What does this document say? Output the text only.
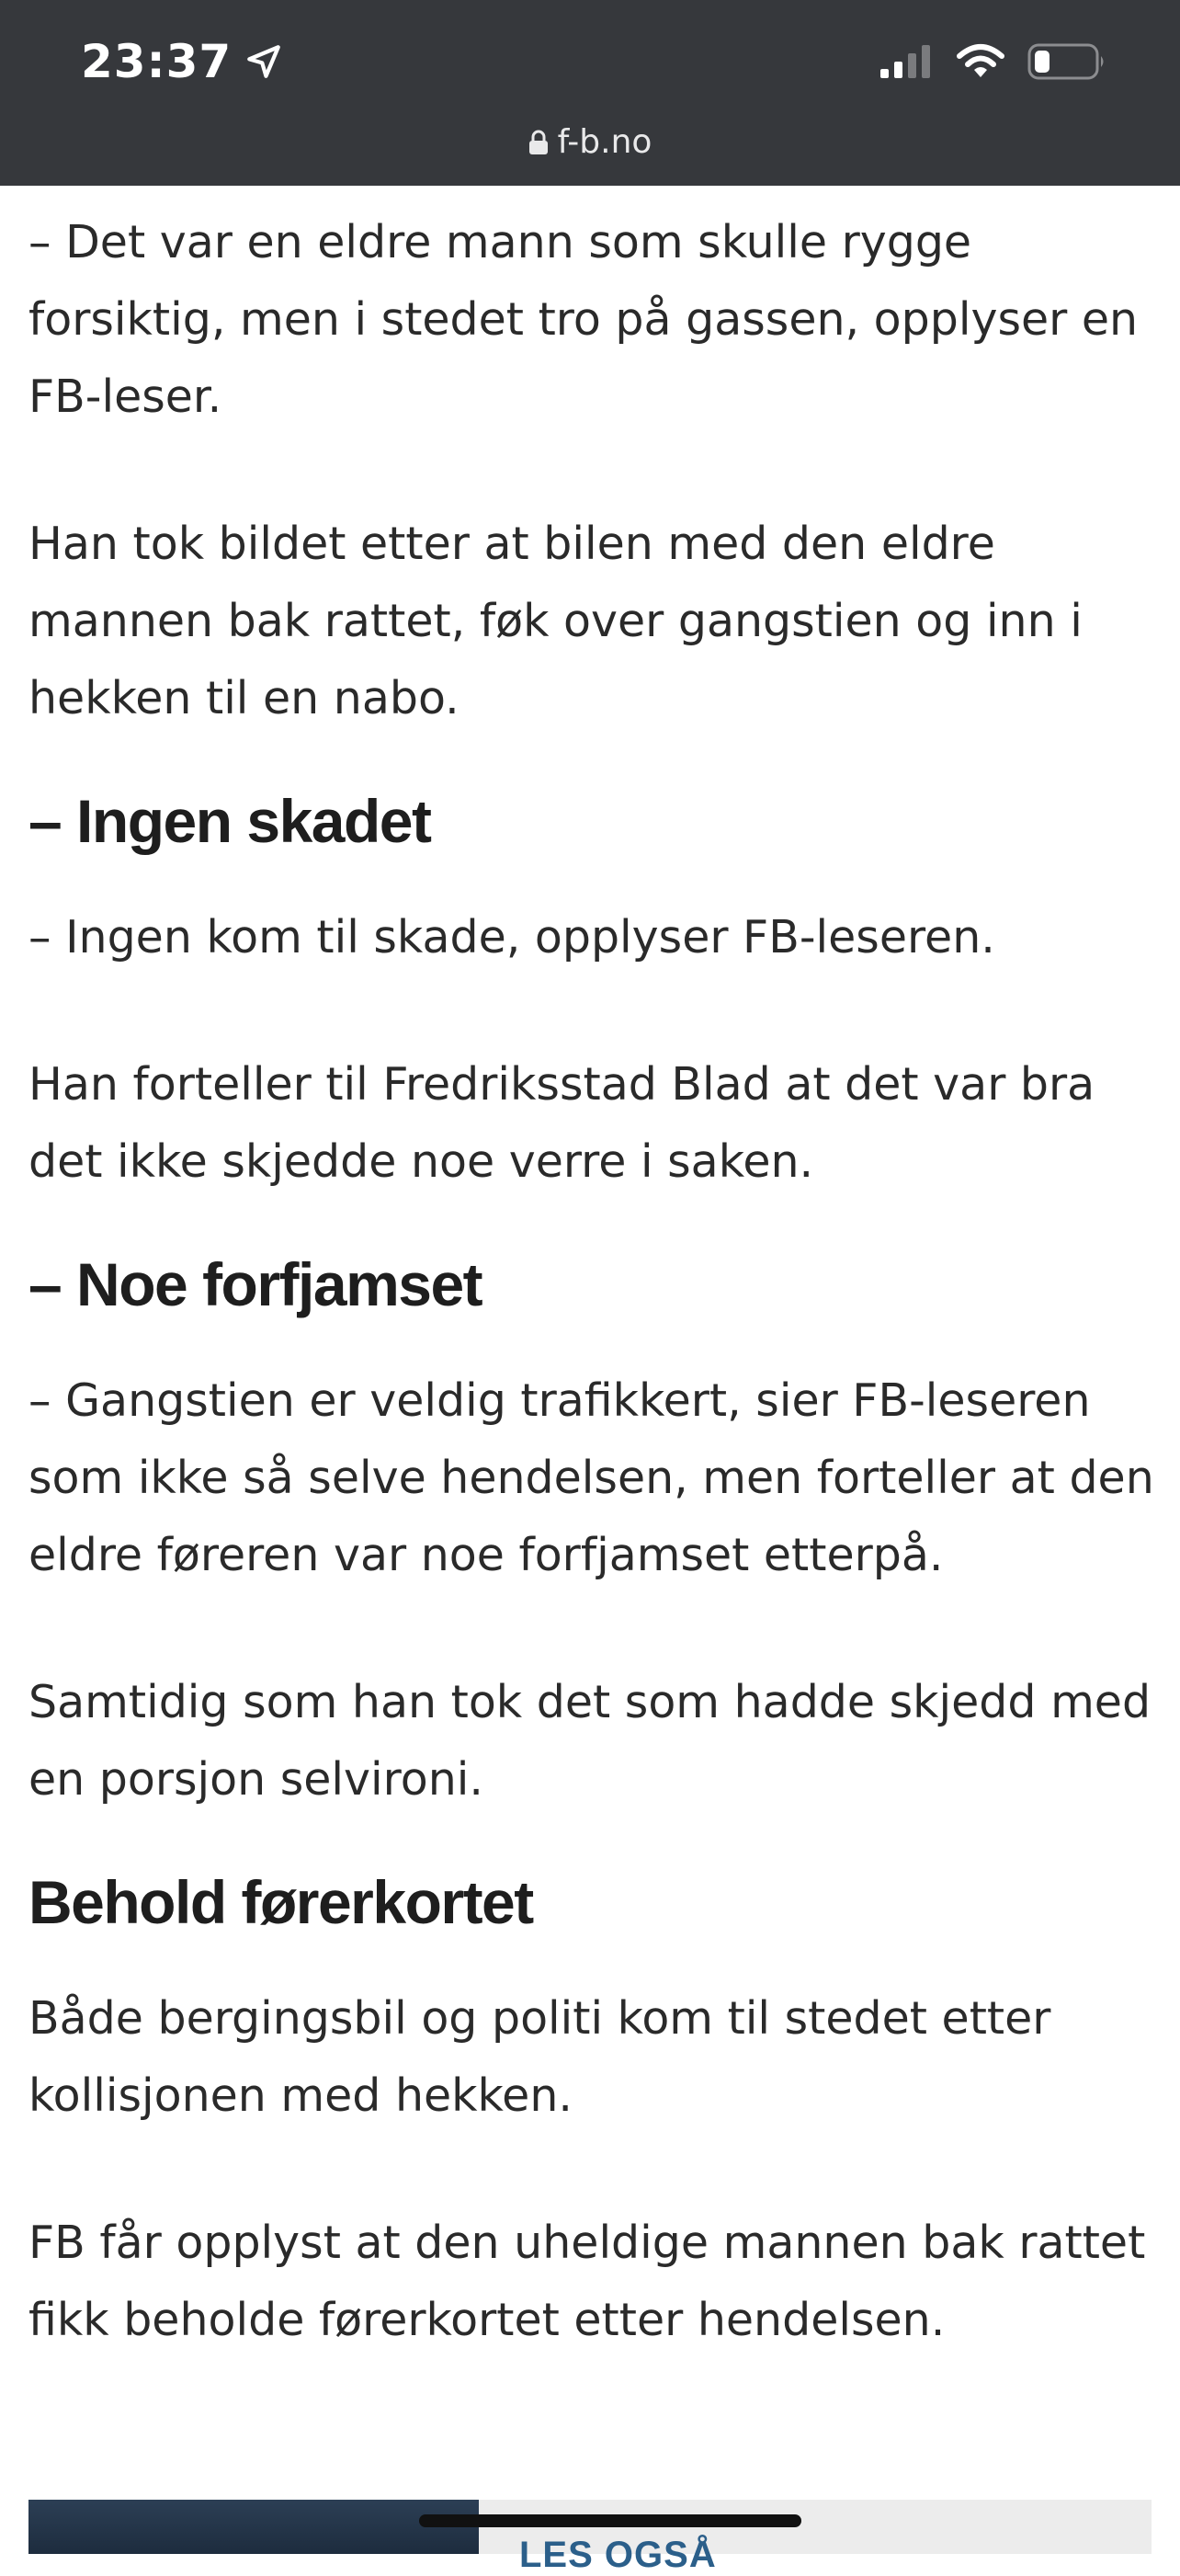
23:37
f-b.no

– Det var en eldre mann som skulle rygge forsiktig, men i stedet tro på gassen, opplyser en FB-leser.

Han tok bildet etter at bilen med den eldre mannen bak rattet, føk over gangstien og inn i hekken til en nabo.

– Ingen skadet

– Ingen kom til skade, opplyser FB-leseren.

Han forteller til Fredriksstad Blad at det var bra det ikke skjedde noe verre i saken.

– Noe forfjamset

– Gangstien er veldig trafikkert, sier FB-leseren som ikke så selve hendelsen, men forteller at den eldre føreren var noe forfjamset etterpå.

Samtidig som han tok det som hadde skjedd med en porsjon selvironi.

Behold førerkortet

Både bergingsbil og politi kom til stedet etter kollisjonen med hekken.

FB får opplyst at den uheldige mannen bak rattet fikk beholde førerkortet etter hendelsen.

LES OGSÅ
